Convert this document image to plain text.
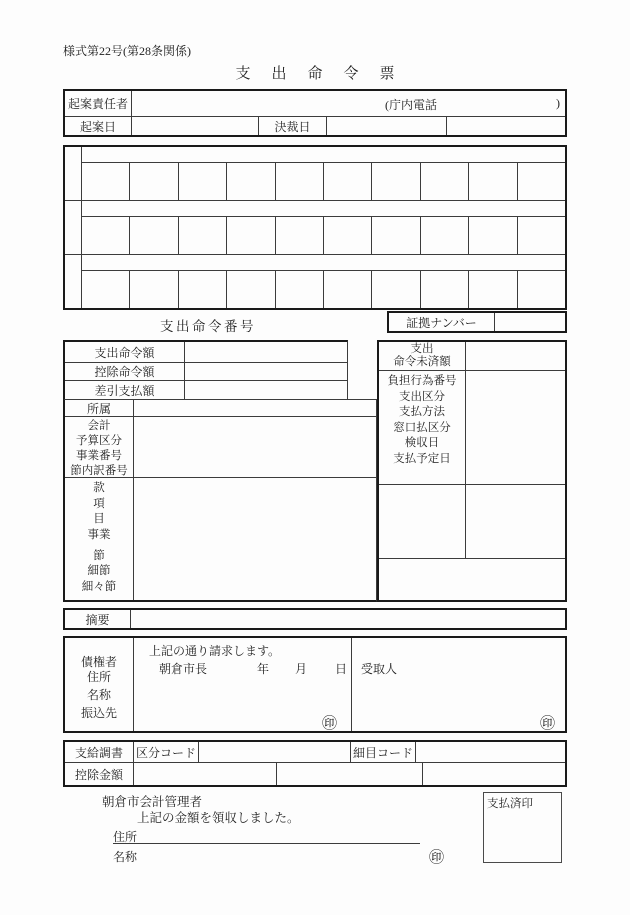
様式第22号(第28条関係)
支出命令票
起案責任者	(庁内電話	)
起案日	決裁日
支出命令番号	証拠ナンバー
支出命令額
控除命令額
差引支払額
所属
会計
予算区分
事業番号
節内訳番号
款
項
目
事業
節
細節
細々節
支出
命令未済額
負担行為番号
支出区分
支払方法
窓口払区分
検収日
支払予定日
摘要
債権者
住所
名称
振込先
上記の通り請求します。
朝倉市長	年 月 日
㊞
受取人
㊞
支給調書	区分コード	細目コード
控除金額
朝倉市会計管理者
上記の金額を領収しました。
住所
名称	㊞
支払済印
